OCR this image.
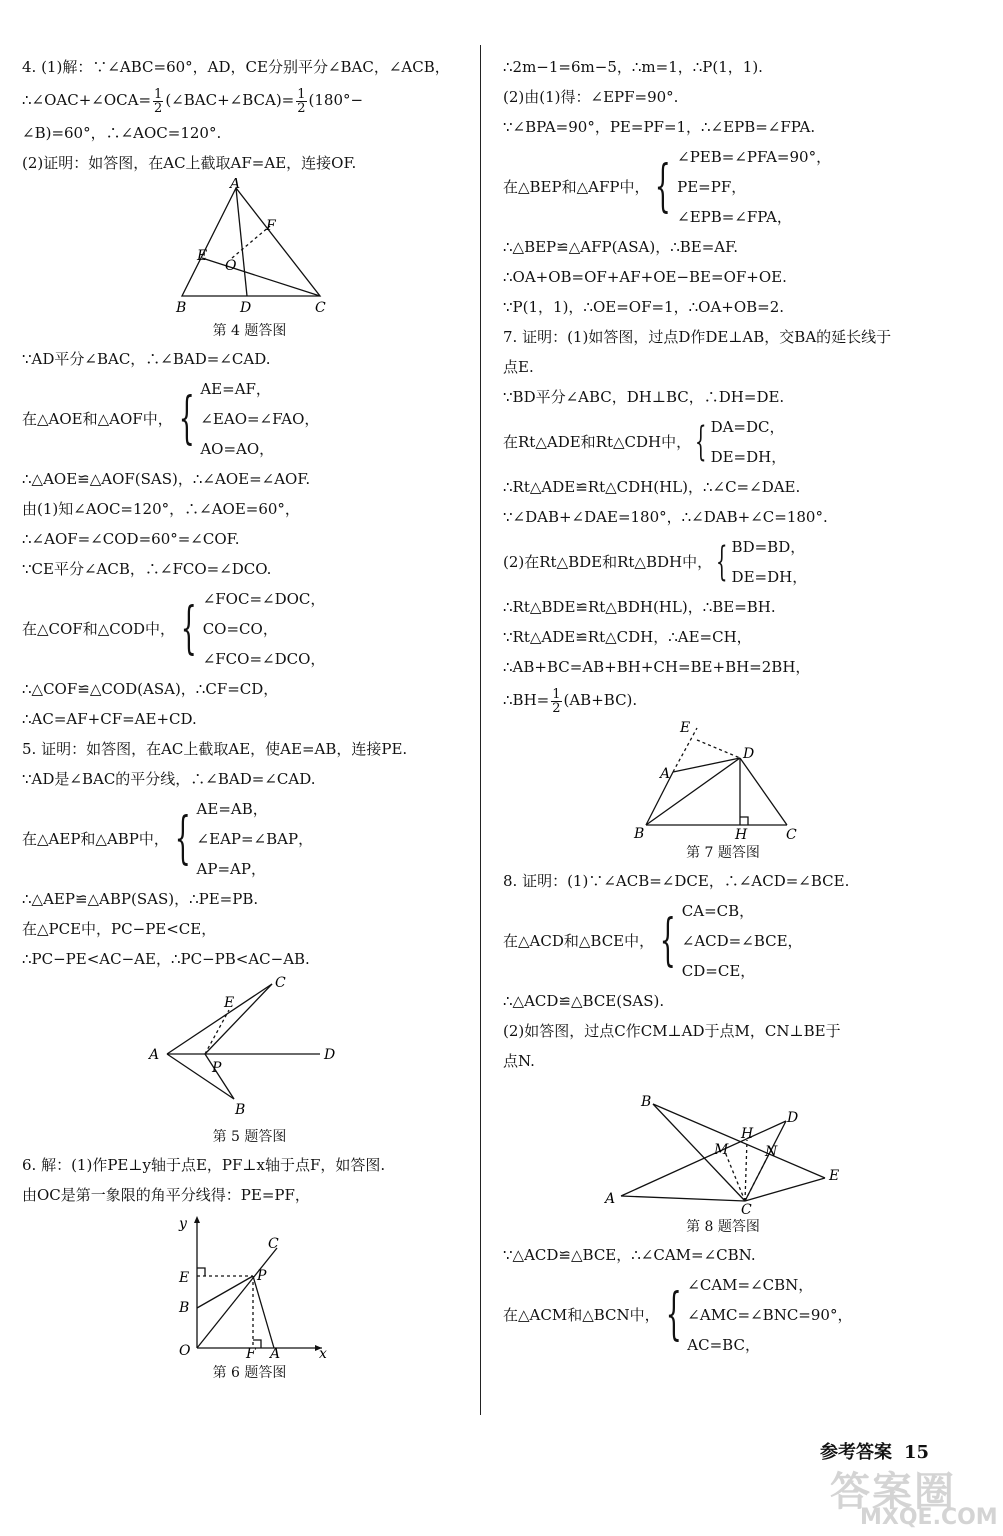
4. (1)解：∵∠ABC=60°，AD，CE分别平分∠BAC，∠ACB，
∴∠OAC+∠OCA= $\frac{1}{2}$ (∠BAC+∠BCA)= $\frac{1}{2} (180^\circ-$
∠B)=60°，∴∠AOC=120°.
(2)证明：如答图，在AC上截取AF=AE，连接OF.
A
E
F
O
B	D	C
第 4 题答图
∵AD平分∠BAC，∴∠BAD=∠CAD.
在△AOE和△AOF中， { AE=AF，
∠EAO=∠FAO，
AO=AO，
∴△AOE≌△AOF(SAS)，∴∠AOE=∠AOF.
由(1)知∠AOC=120°，∴∠AOE=60°，
∴∠AOF=∠COD=60°=∠COF.
∵CE平分∠ACB，∴∠FCO=∠DCO.
在△COF和△COD中， { ∠FOC=∠DOC，
CO=CO，
∠FCO=∠DCO，
∴△COF≌△COD(ASA)，∴CF=CD，
∴AC=AF+CF=AE+CD.
5. 证明：如答图，在AC上截取AE，使AE=AB，连接PE.
∵AD是∠BAC的平分线，∴∠BAD=∠CAD.
在△AEP和△ABP中， { AE=AB，
∠EAP=∠BAP，
AP=AP，
∴△AEP≌△ABP(SAS)，∴PE=PB.
在△PCE中，PC−PE<CE，
∴PC−PE<AC−AE，∴PC−PB<AC−AB.
A
C
E
P
D
B
第 5 题答图
6. 解：(1)作PE⊥y轴于点E，PF⊥x轴于点F，如答图.
由OC是第一象限的角平分线得：PE=PF，
y
C
E	P
B
O	F A	x
第 6 题答图
∴2m−1=6m−5，∴m=1，∴P(1，1).
(2)由(1)得：∠EPF=90°.
∵∠BPA=90°，PE=PF=1，∴∠EPB=∠FPA.
在△BEP和△AFP中， { ∠PEB=∠PFA=90°，
PE=PF，
∠EPB=∠FPA，
∴△BEP≌△AFP(ASA)，∴BE=AF.
∴OA+OB=OF+AF+OE−BE=OF+OE.
∵P(1，1)，∴OE=OF=1，∴OA+OB=2.
7. 证明：(1)如答图，过点D作DE⊥AB，交BA的延长线于
点E.
∵BD平分∠ABC，DH⊥BC，∴DH=DE.
在Rt△ADE和Rt△CDH中， { DA=DC，
DE=DH，
∴Rt△ADE≌Rt△CDH(HL)，∴∠C=∠DAE.
∵∠DAB+∠DAE=180°，∴∠DAB+∠C=180°.
(2)在Rt△BDE和Rt△BDH中， { BD=BD，
DE=DH，
∴Rt△BDE≌Rt△BDH(HL)，∴BE=BH.
∵Rt△ADE≌Rt△CDH，∴AE=CH，
∴AB+BC=AB+BH+CH=BE+BH=2BH，
∴BH= $\frac{1}{2} (AB+BC)$.
E
D
A
B	H	C
第 7 题答图
8. 证明：(1)∵∠ACB=∠DCE，∴∠ACD=∠BCE.
在△ACD和△BCE中， { CA=CB，
∠ACD=∠BCE，
CD=CE，
∴△ACD≌△BCE(SAS).
(2)如答图，过点C作CM⊥AD于点M，CN⊥BE于
点N.
B
D
H
M	N
E
A
C
第 8 题答图
∵△ACD≌△BCE，∴∠CAM=∠CBN.
在△ACM和△BCN中， { ∠CAM=∠CBN，
∠AMC=∠BNC=90°，
AC=BC，
参考答案 15
答案圈
MXQE.COM
